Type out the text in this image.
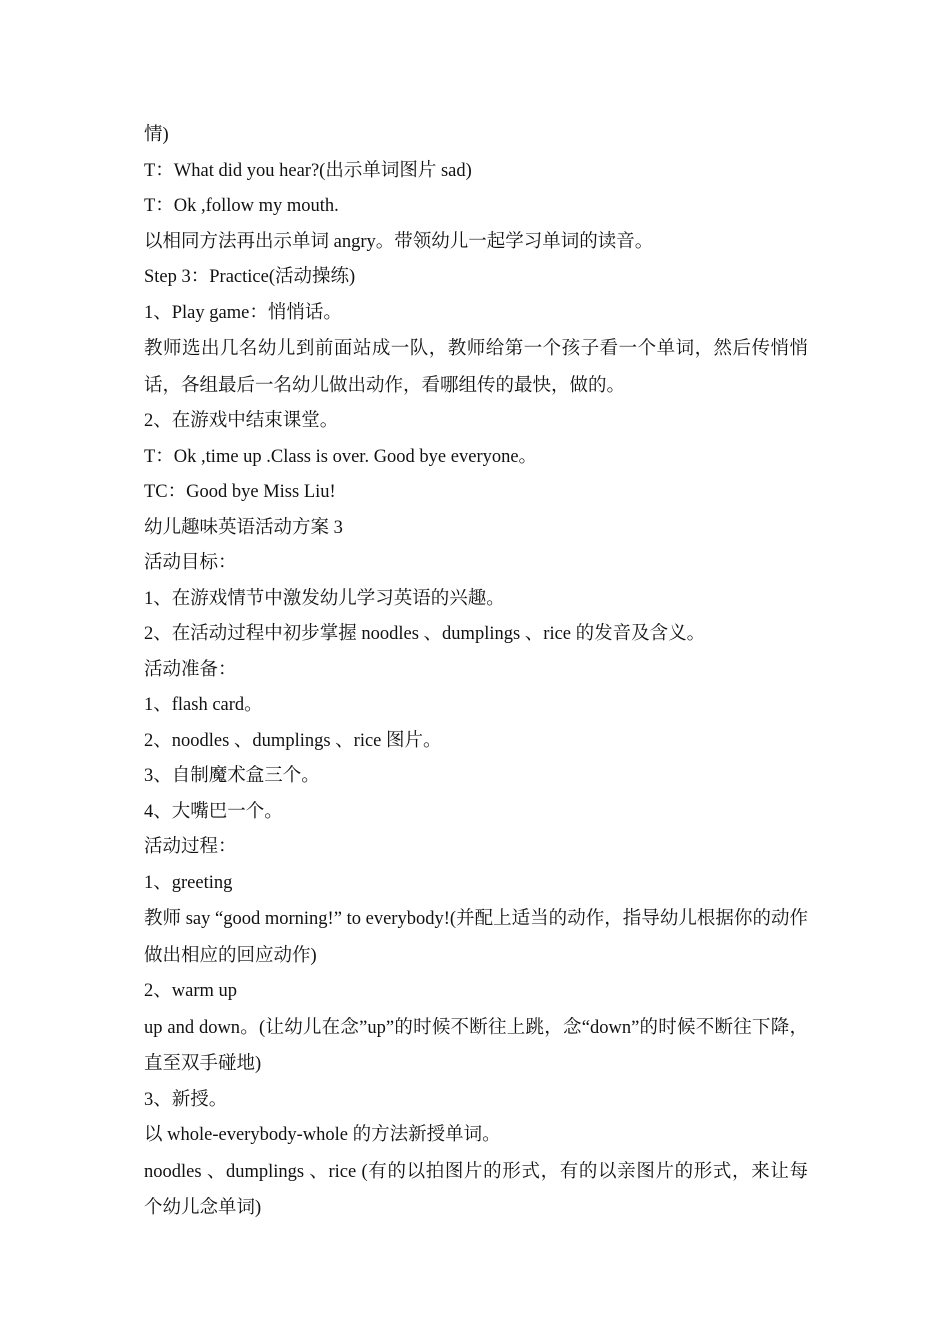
情)
T：What did you hear?(出示单词图片 sad)
T：Ok ,follow my mouth.
以相同方法再出示单词 angry。带领幼儿一起学习单词的读音。
Step 3：Practice(活动操练)
1、Play game：悄悄话。
教师选出几名幼儿到前面站成一队，教师给第一个孩子看一个单词，然后传悄悄话，各组最后一名幼儿做出动作，看哪组传的最快，做的。
2、在游戏中结束课堂。
T：Ok ,time up .Class is over. Good bye everyone。
TC：Good bye Miss Liu!
幼儿趣味英语活动方案 3
活动目标：
1、在游戏情节中激发幼儿学习英语的兴趣。
2、在活动过程中初步掌握 noodles 、dumplings 、rice 的发音及含义。
活动准备：
1、flash card。
2、noodles 、dumplings 、rice 图片。
3、自制魔术盒三个。
4、大嘴巴一个。
活动过程：
1、greeting
教师 say “good morning!” to everybody!(并配上适当的动作，指导幼儿根据你的动作做出相应的回应动作)
2、warm up
up and down。(让幼儿在念”up”的时候不断往上跳，念“down”的时候不断往下降，直至双手碰地)
3、新授。
以 whole-everybody-whole 的方法新授单词。
noodles 、dumplings 、rice (有的以拍图片的形式，有的以亲图片的形式，来让每个幼儿念单词)
